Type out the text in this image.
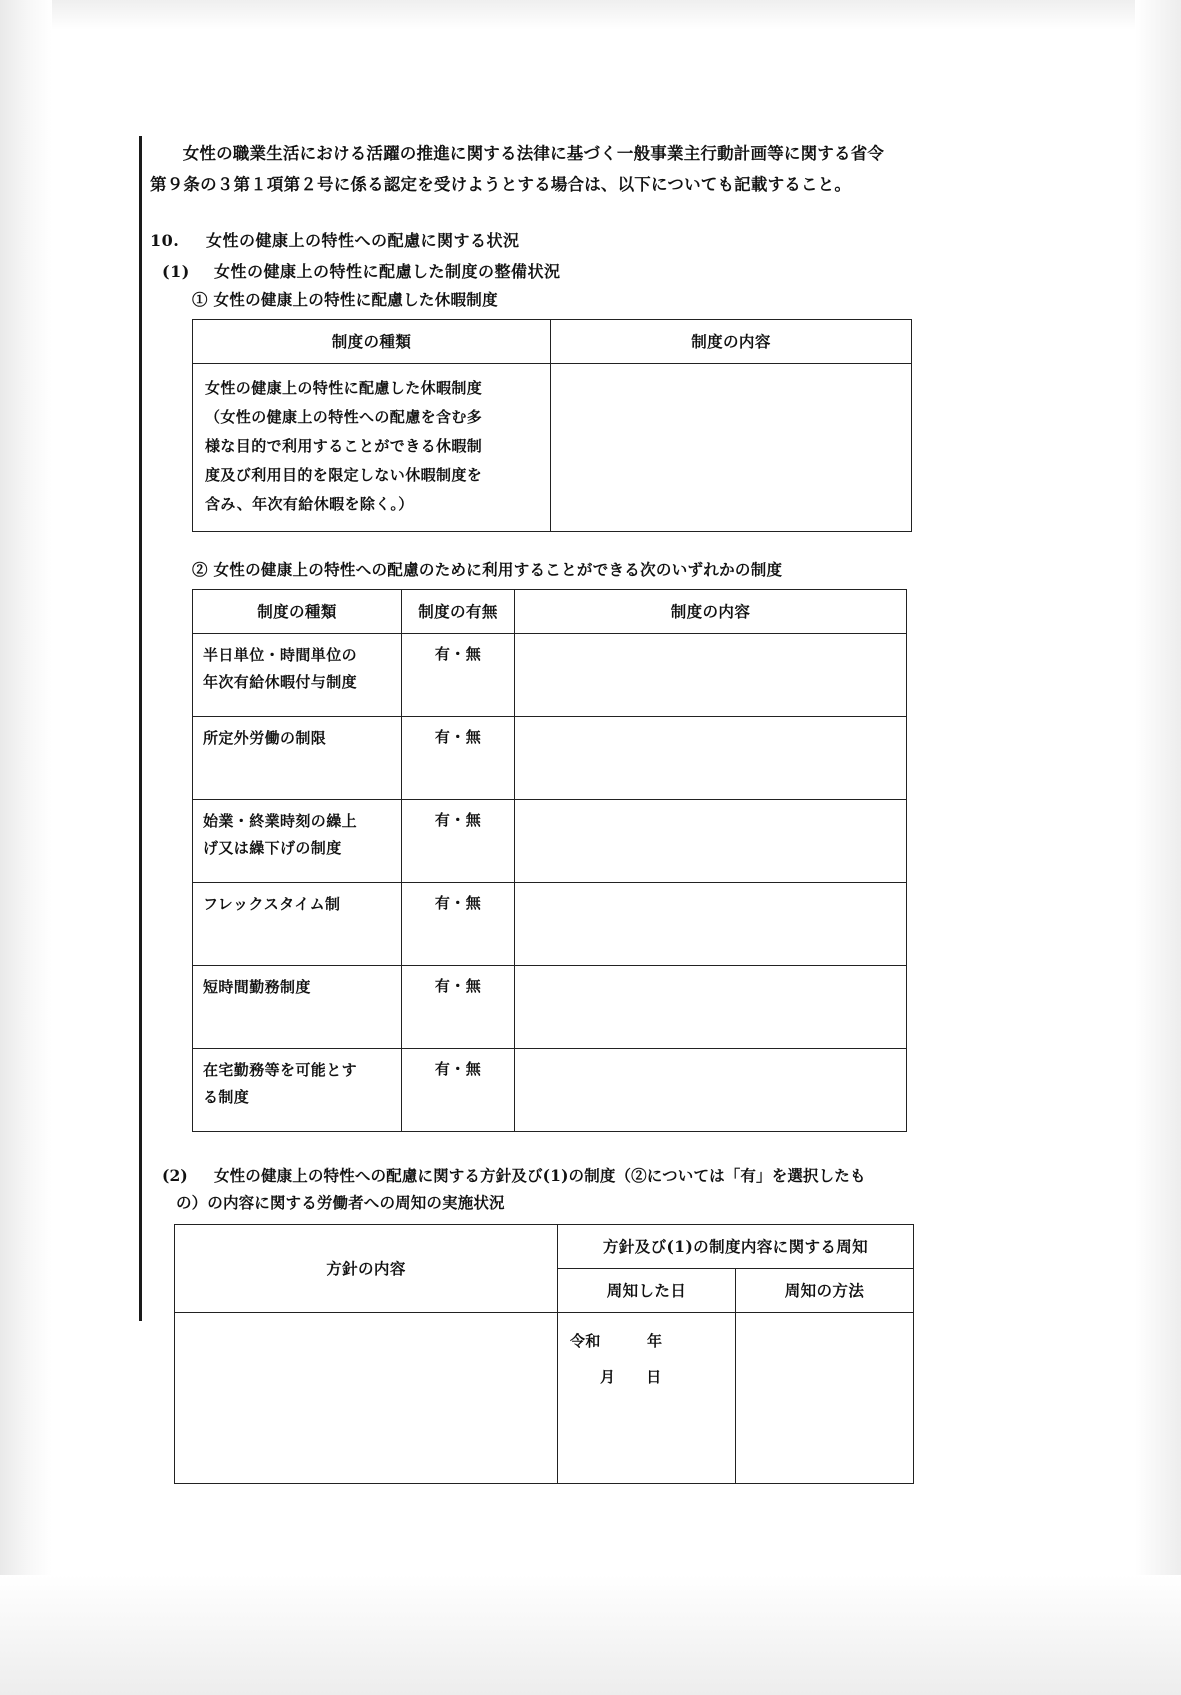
　女性の職業生活における活躍の推進に関する法律に基づく一般事業主行動計画等に関する省令
第９条の３第１項第２号に係る認定を受けようとする場合は、以下についても記載すること。
10. 女性の健康上の特性への配慮に関する状況
(1) 女性の健康上の特性に配慮した制度の整備状況
① 女性の健康上の特性に配慮した休暇制度
制度の種類	制度の内容

女性の健康上の特性に配慮した休暇制度
（女性の健康上の特性への配慮を含む多
様な目的で利用することができる休暇制
度及び利用目的を限定しない休暇制度を
含み、年次有給休暇を除く。）	

② 女性の健康上の特性への配慮のために利用することができる次のいずれかの制度
制度の種類	制度の有無	制度の内容

半日単位・時間単位の
年次有給休暇付与制度	有・無	

所定外労働の制限	有・無	

始業・終業時刻の繰上
げ又は繰下げの制度	有・無	

フレックスタイム制	有・無	

短時間勤務制度	有・無	

在宅勤務等を可能とす
る制度	有・無	
(2) 女性の健康上の特性への配慮に関する方針及び(1)の制度（②については「有」を選択したも
の）の内容に関する労働者への周知の実施状況
方針の内容	方針及び(1)の制度内容に関する周知	
	周知した日	周知の方法

	令和　　　年
月　　日	
